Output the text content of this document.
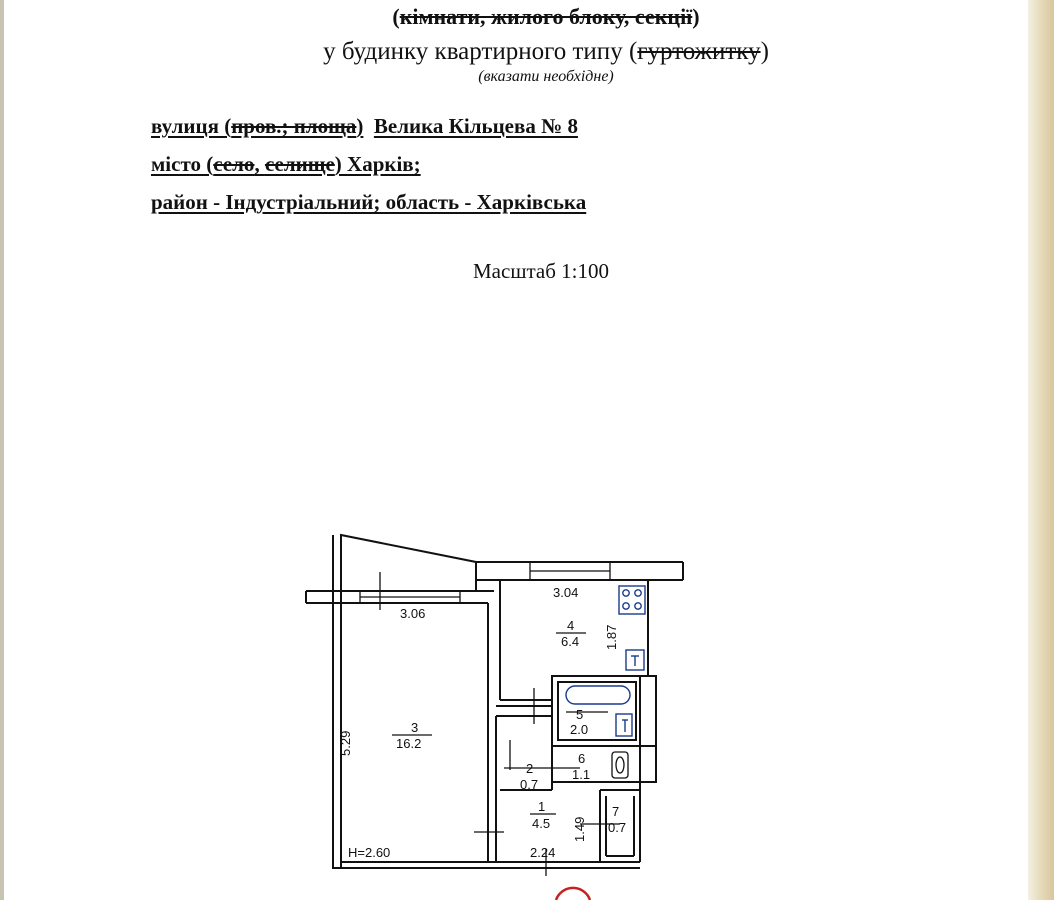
(кімнати, жилого блоку, секції)
у будинку квартирного типу (гуртожитку)
(вказати необхідне)
вулиця (пров.; площа) Велика Кільцева № 8
місто (село, селище) Харків;
район - Індустріальний; область - Харківська
Масштаб 1:100
3.06
5.29
3
16.2
3.04
1.87
4
6.4
5
2.0
2
0.7
6
1.1
1
4.5 1.49
2.24
7
0.7
H=2.60
